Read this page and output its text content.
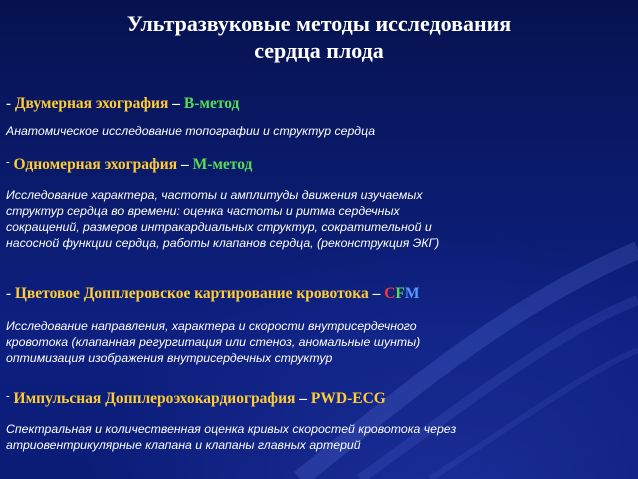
Ультразвуковые методы исследования
сердца плода
- Двумерная эхография – В-метод
Анатомическое исследование топографии и структур сердца
- Одномерная эхография – М-метод
Исследование характера, частоты и амплитуды движения изучаемых
структур сердца во времени: оценка частоты и ритма сердечных
сокращений, размеров интракардиальных структур, сократительной и
насосной функции сердца, работы клапанов сердца, (реконструкция ЭКГ)
- Цветовое Допплеровское картирование кровотока – CFM
Исследование направления, характера и скорости внутрисердечного
кровотока (клапанная регургитация или стеноз, аномальные шунты)
оптимизация изображения внутрисердечных структур
- Импульсная Допплероэхокардиография – PWD-ECG
Спектральная и количественная оценка кривых скоростей кровотока через
атриовентрикулярные клапана и клапаны главных артерий
